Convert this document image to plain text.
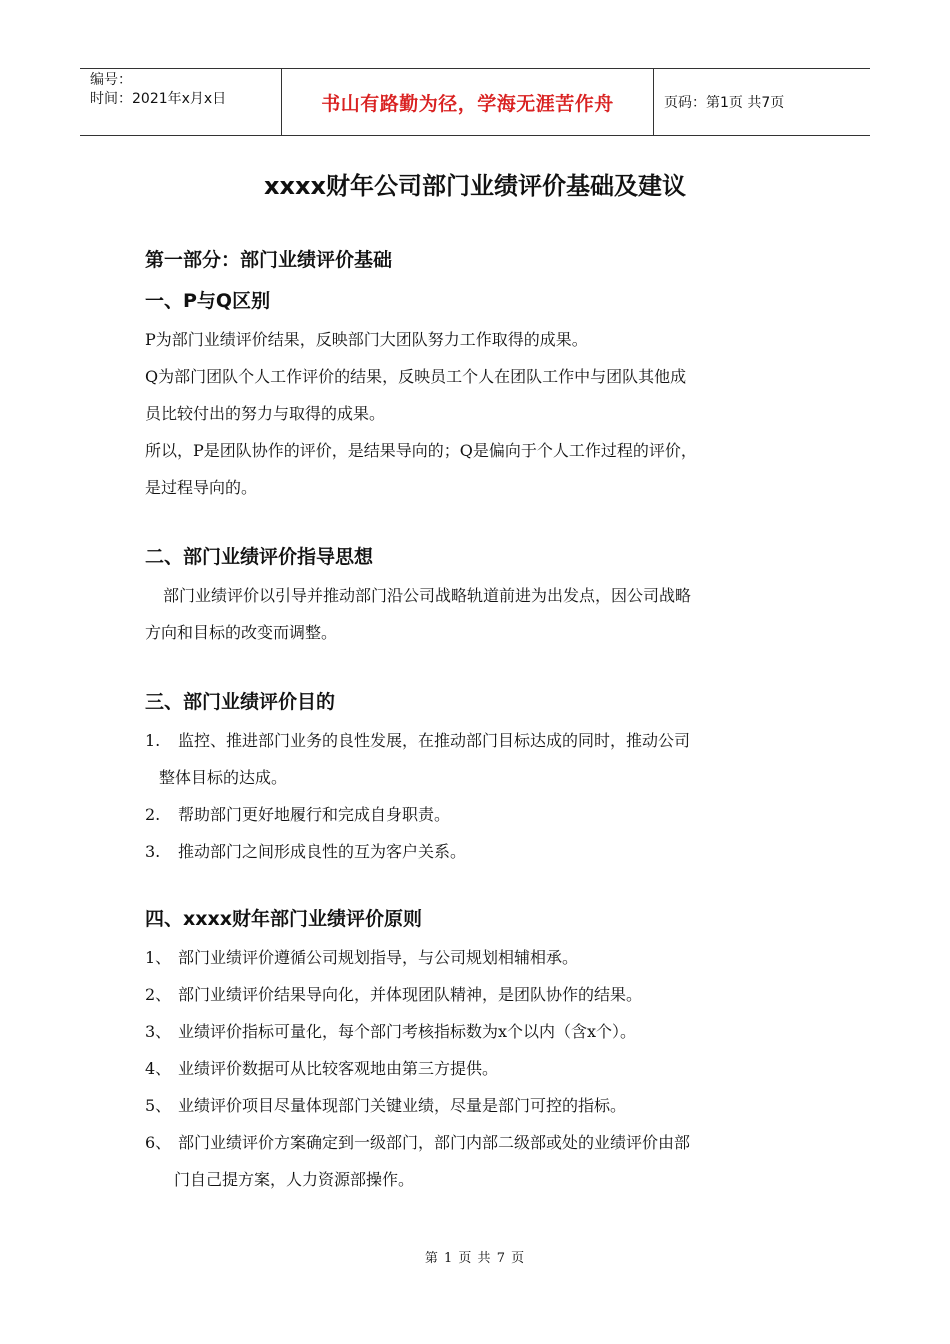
编号：
时间：2021年x月x日	书山有路勤为径，学海无涯苦作舟	页码：第1页 共7页
xxxx财年公司部门业绩评价基础及建议
第一部分：部门业绩评价基础
一、P与Q区别

P为部门业绩评价结果，反映部门大团队努力工作取得的成果。

Q为部门团队个人工作评价的结果，反映员工个人在团队工作中与团队其他成

员比较付出的努力与取得的成果。

所以，P是团队协作的评价，是结果导向的；Q是偏向于个人工作过程的评价，

是过程导向的。

二、部门业绩评价指导思想

部门业绩评价以引导并推动部门沿公司战略轨道前进为出发点，因公司战略

方向和目标的改变而调整。

三、部门业绩评价目的
1.	监控、推进部门业务的良性发展，在推动部门目标达成的同时，推动公司
整体目标的达成。
2.	帮助部门更好地履行和完成自身职责。
3.	推动部门之间形成良性的互为客户关系。
四、xxxx财年部门业绩评价原则
1、 部门业绩评价遵循公司规划指导，与公司规划相辅相承。
2、 部门业绩评价结果导向化，并体现团队精神，是团队协作的结果。
3、 业绩评价指标可量化，每个部门考核指标数为x个以内（含x个）。
4、 业绩评价数据可从比较客观地由第三方提供。
5、 业绩评价项目尽量体现部门关键业绩，尽量是部门可控的指标。
6、 部门业绩评价方案确定到一级部门，部门内部二级部或处的业绩评价由部
门自己提方案，人力资源部操作。
第 1 页 共 7 页
